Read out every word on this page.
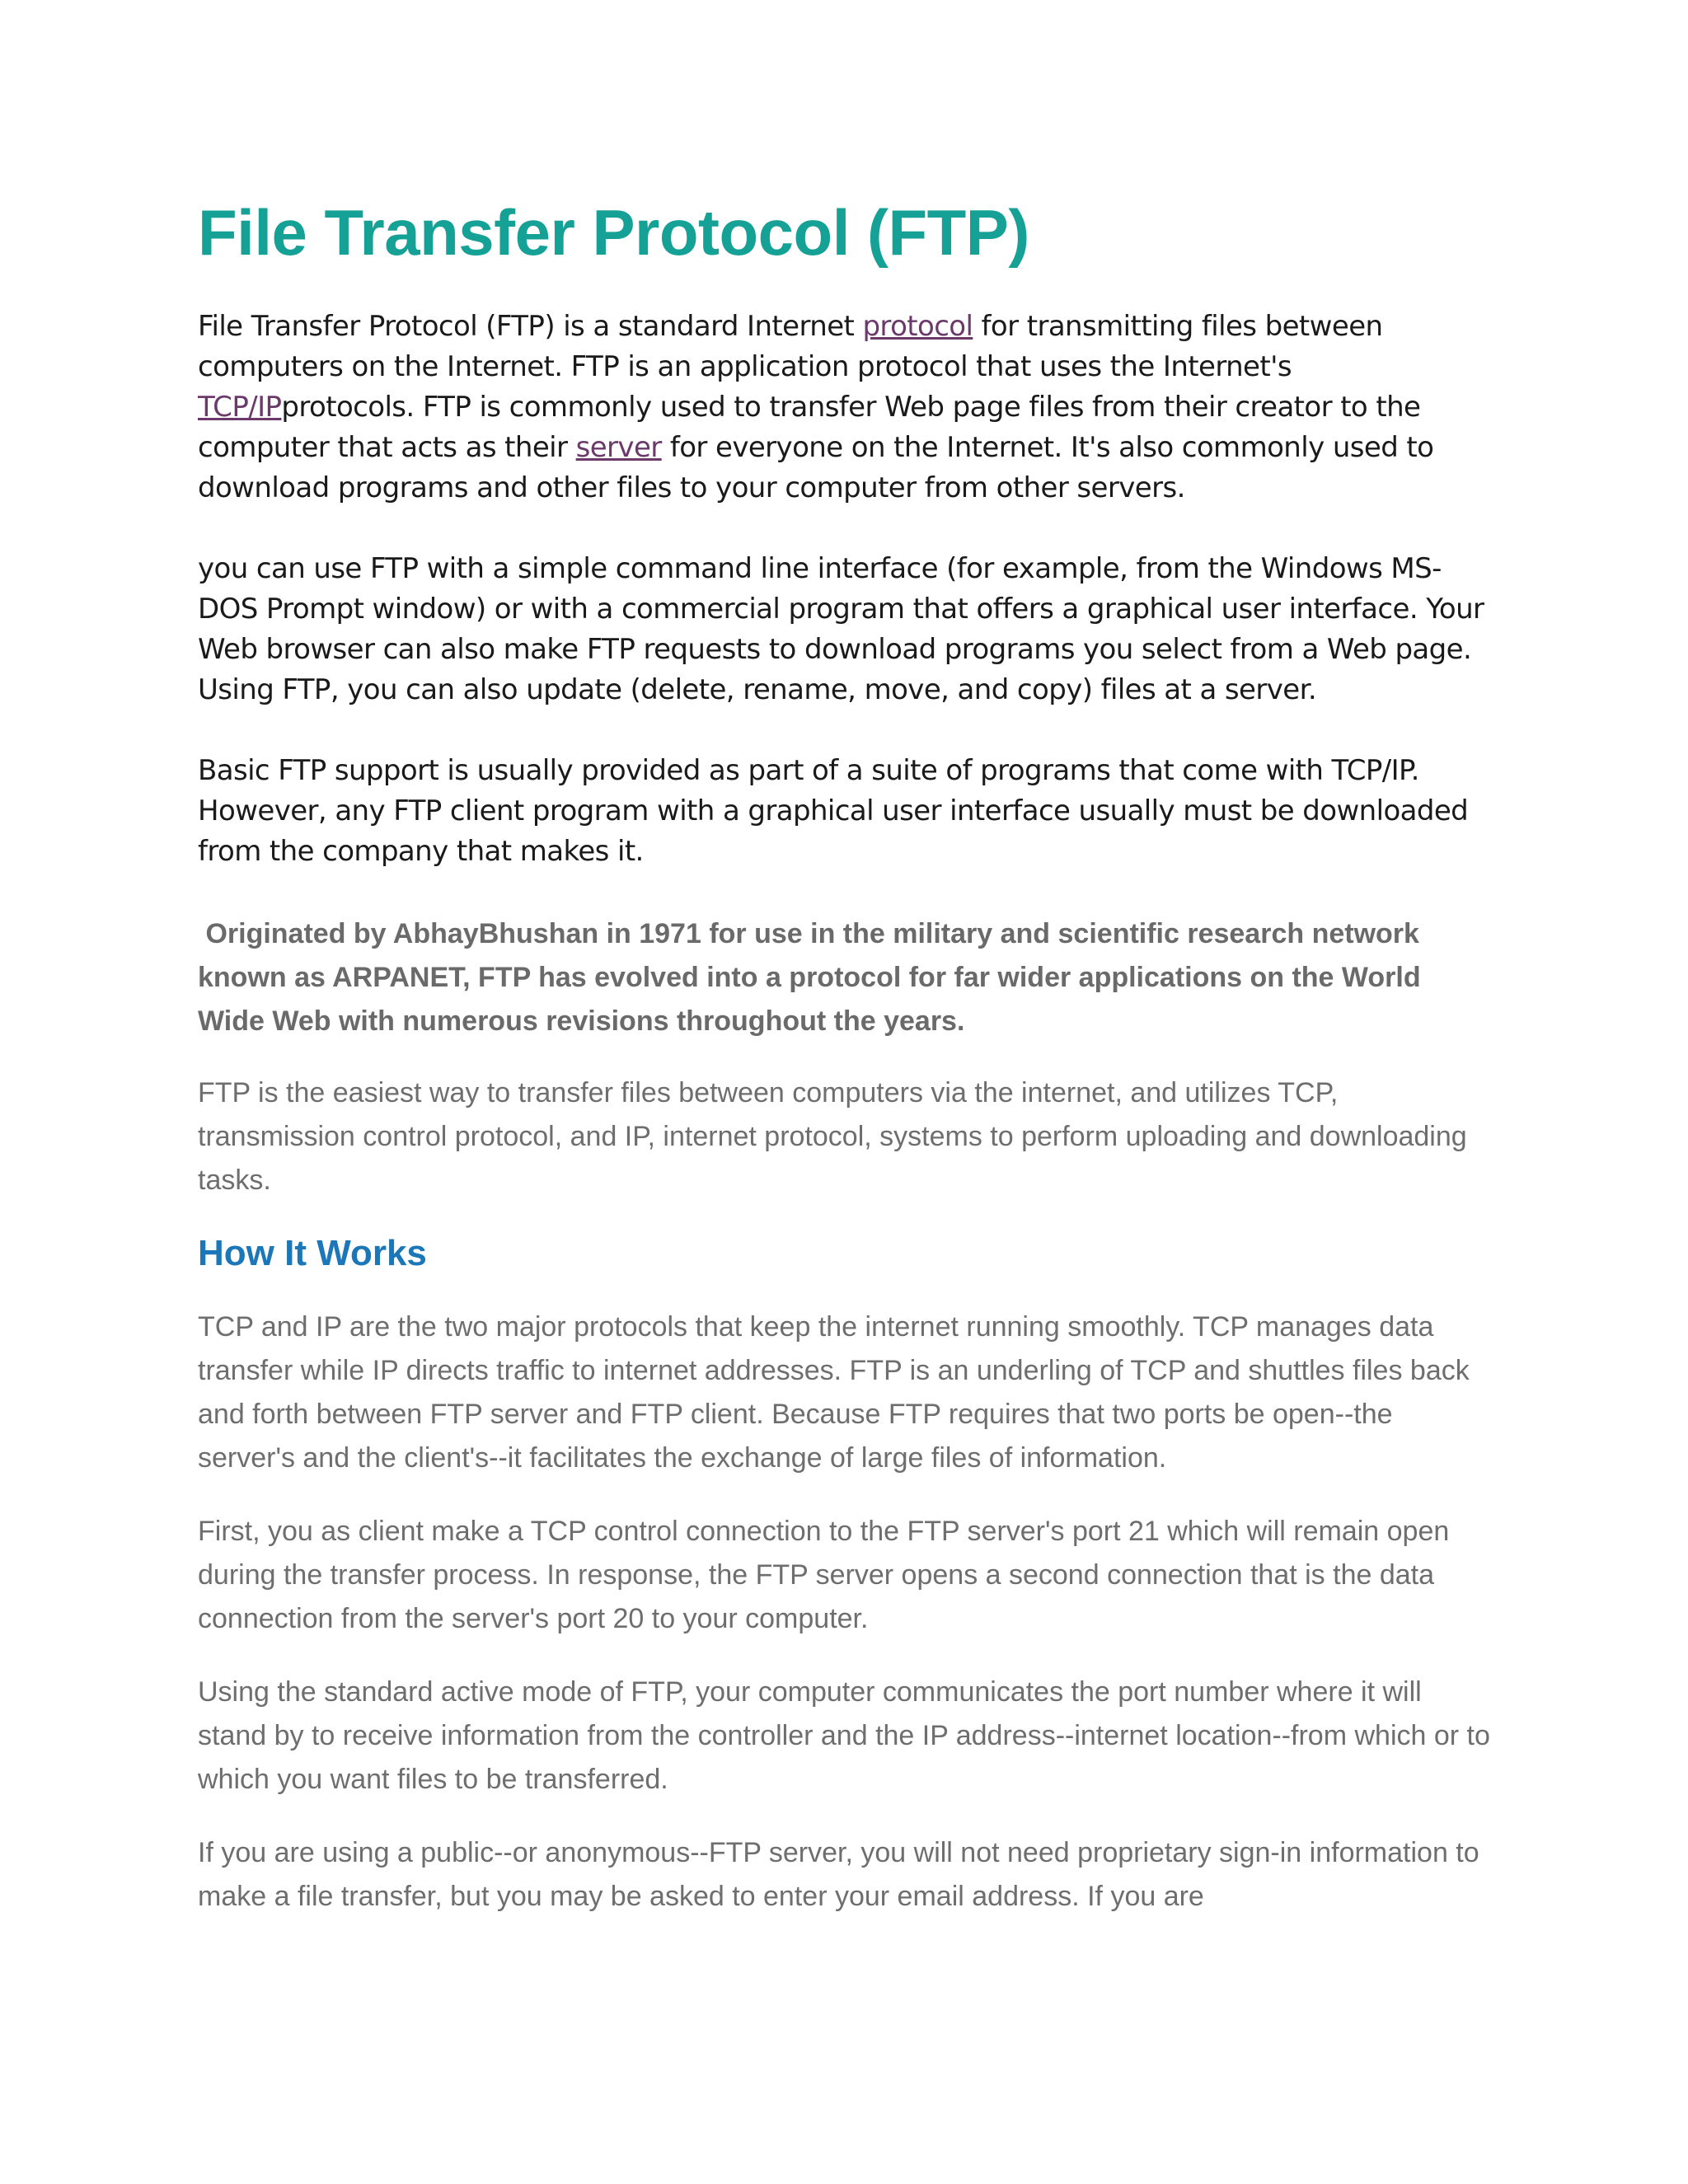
File Transfer Protocol (FTP)

File Transfer Protocol (FTP) is a standard Internet protocol for transmitting files between computers on the Internet. FTP is an application protocol that uses the Internet's TCP/IPprotocols. FTP is commonly used to transfer Web page files from their creator to the computer that acts as their server for everyone on the Internet. It's also commonly used to download programs and other files to your computer from other servers.

you can use FTP with a simple command line interface (for example, from the Windows MS-DOS Prompt window) or with a commercial program that offers a graphical user interface. Your Web browser can also make FTP requests to download programs you select from a Web page. Using FTP, you can also update (delete, rename, move, and copy) files at a server.

Basic FTP support is usually provided as part of a suite of programs that come with TCP/IP. However, any FTP client program with a graphical user interface usually must be downloaded from the company that makes it.

Originated by AbhayBhushan in 1971 for use in the military and scientific research network known as ARPANET, FTP has evolved into a protocol for far wider applications on the World Wide Web with numerous revisions throughout the years.

FTP is the easiest way to transfer files between computers via the internet, and utilizes TCP, transmission control protocol, and IP, internet protocol, systems to perform uploading and downloading tasks.

How It Works

TCP and IP are the two major protocols that keep the internet running smoothly. TCP manages data transfer while IP directs traffic to internet addresses. FTP is an underling of TCP and shuttles files back and forth between FTP server and FTP client. Because FTP requires that two ports be open--the server's and the client's--it facilitates the exchange of large files of information.

First, you as client make a TCP control connection to the FTP server's port 21 which will remain open during the transfer process. In response, the FTP server opens a second connection that is the data connection from the server's port 20 to your computer.

Using the standard active mode of FTP, your computer communicates the port number where it will stand by to receive information from the controller and the IP address--internet location--from which or to which you want files to be transferred.

If you are using a public--or anonymous--FTP server, you will not need proprietary sign-in information to make a file transfer, but you may be asked to enter your email address. If you are
